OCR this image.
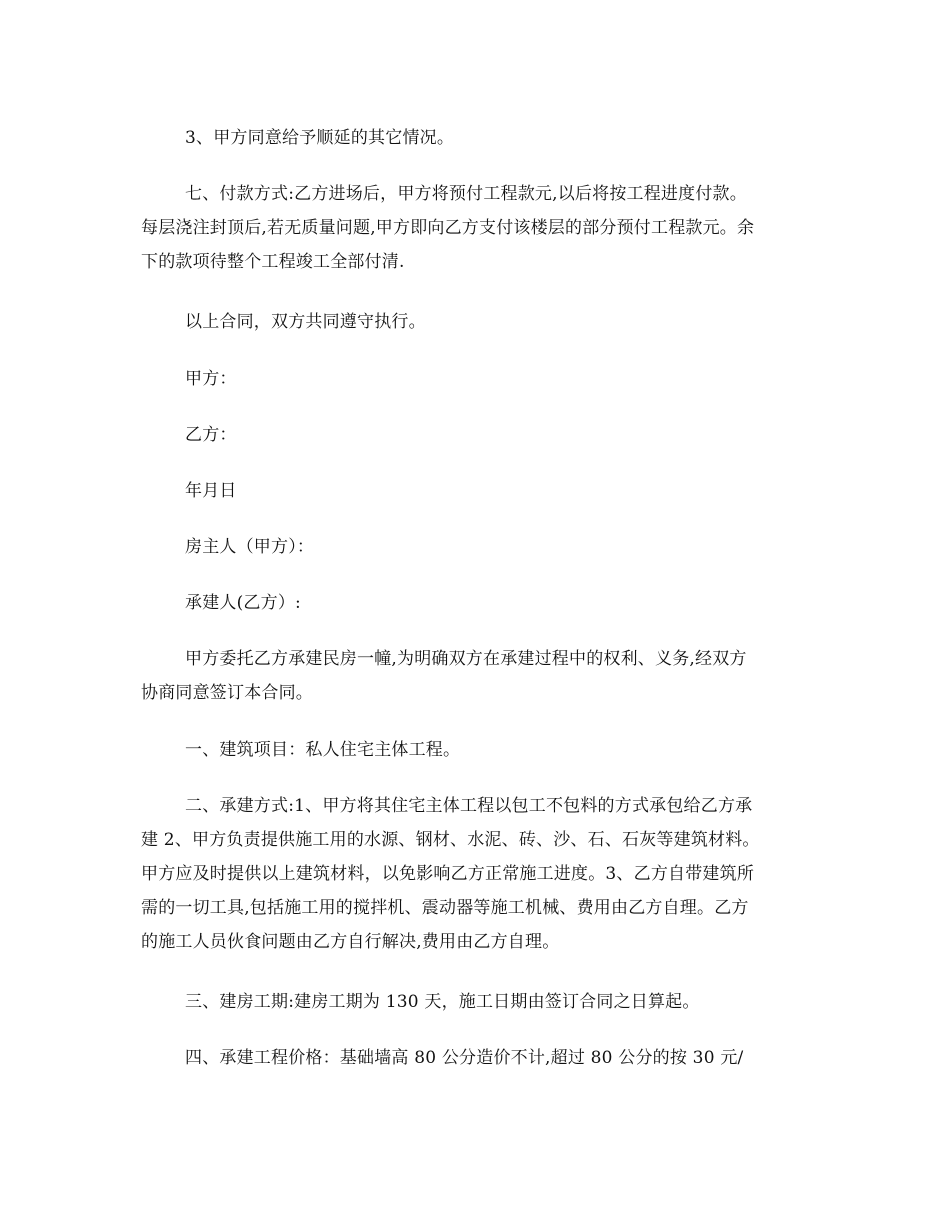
3、甲方同意给予顺延的其它情况。
七、付款方式:乙方进场后，甲方将预付工程款元,以后将按工程进度付款。
每层浇注封顶后,若无质量问题,甲方即向乙方支付该楼层的部分预付工程款元。余
下的款项待整个工程竣工全部付清.
以上合同，双方共同遵守执行。
甲方：
乙方：
年月日
房主人（甲方）：
承建人(乙方）:
甲方委托乙方承建民房一幢,为明确双方在承建过程中的权利、义务,经双方
协商同意签订本合同。
一、建筑项目：私人住宅主体工程。
二、承建方式:1、甲方将其住宅主体工程以包工不包料的方式承包给乙方承
建 2、甲方负责提供施工用的水源、钢材、水泥、砖、沙、石、石灰等建筑材料。
甲方应及时提供以上建筑材料，以免影响乙方正常施工进度。3、乙方自带建筑所
需的一切工具,包括施工用的搅拌机、震动器等施工机械、费用由乙方自理。乙方
的施工人员伙食问题由乙方自行解决,费用由乙方自理。
三、建房工期:建房工期为 130 天，施工日期由签订合同之日算起。
四、承建工程价格：基础墙高 80 公分造价不计,超过 80 公分的按 30 元/
